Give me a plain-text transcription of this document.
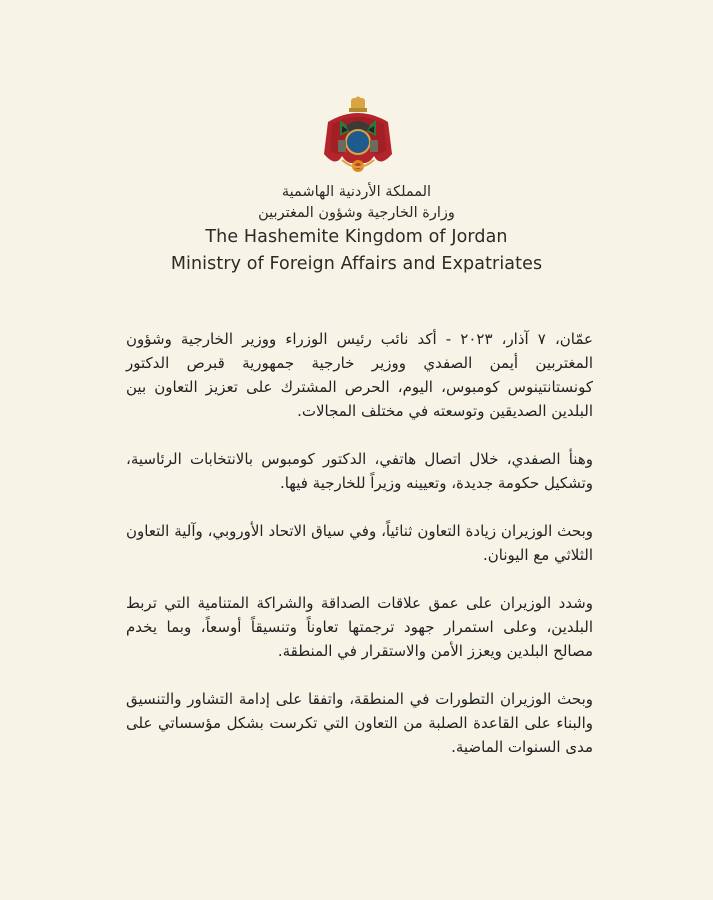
المملكة الأردنية الهاشمية
وزارة الخارجية وشؤون المغتربين
The Hashemite Kingdom of Jordan
Ministry of Foreign Affairs and Expatriates

عمّان، ٧ آذار، ٢٠٢٣ - أكد نائب رئيس الوزراء ووزير الخارجية وشؤون المغتربين أيمن الصفدي ووزير خارجية جمهورية قبرص الدكتور كونستانتينوس كومبوس، اليوم، الحرص المشترك على تعزيز التعاون بين البلدين الصديقين وتوسعته في مختلف المجالات.

وهنأ الصفدي، خلال اتصال هاتفي، الدكتور كومبوس بالانتخابات الرئاسية، وتشكيل حكومة جديدة، وتعيينه وزيراً للخارجية فيها.

وبحث الوزيران زيادة التعاون ثنائياً، وفي سياق الاتحاد الأوروبي، وآلية التعاون الثلاثي مع اليونان.

وشدد الوزيران على عمق علاقات الصداقة والشراكة المتنامية التي تربط البلدين، وعلى استمرار جهود ترجمتها تعاوناً وتنسيقاً أوسعاً، وبما يخدم مصالح البلدين ويعزز الأمن والاستقرار في المنطقة.

وبحث الوزيران التطورات في المنطقة، واتفقا على إدامة التشاور والتنسيق والبناء على القاعدة الصلبة من التعاون التي تكرست بشكل مؤسساتي على مدى السنوات الماضية.
